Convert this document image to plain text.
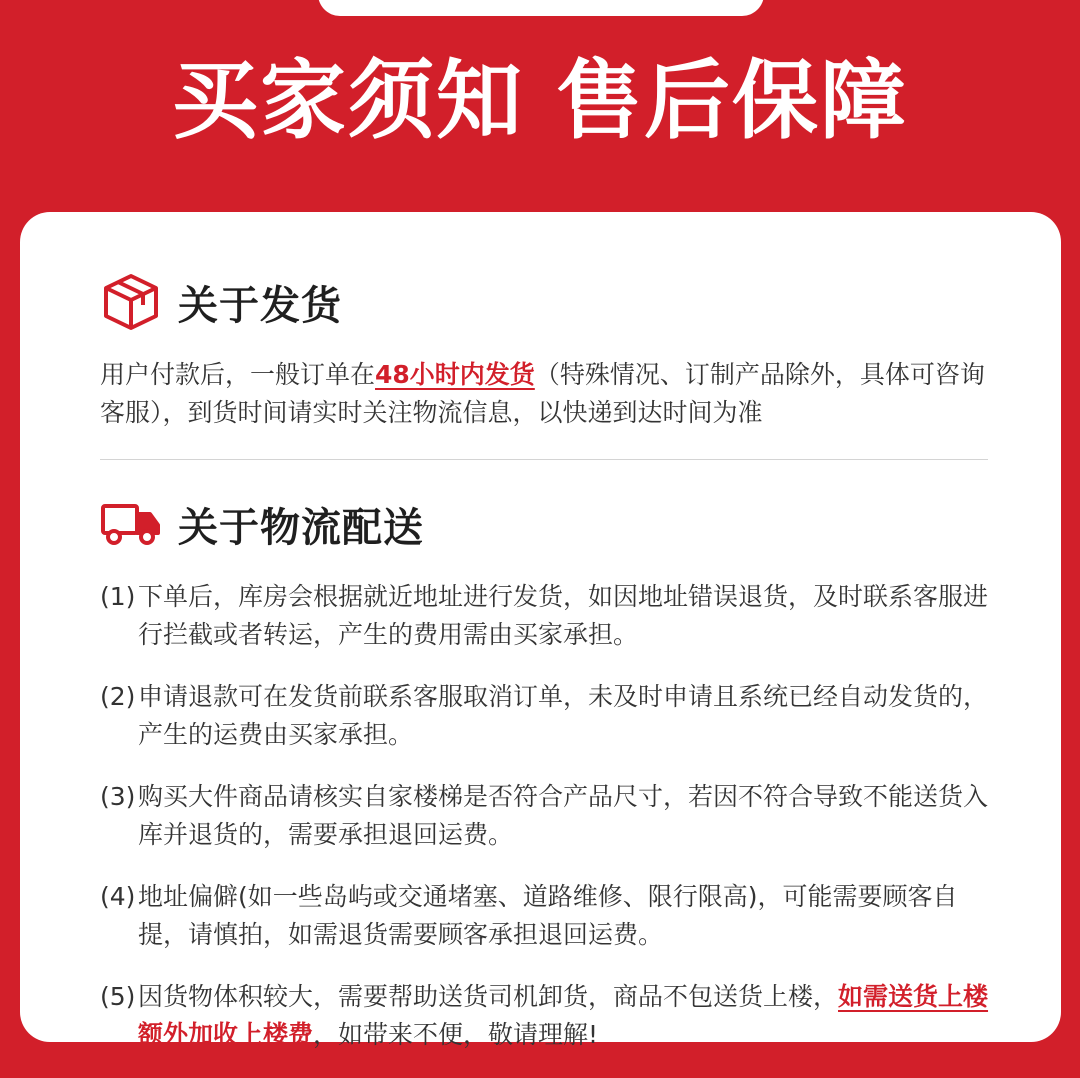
买家须知 售后保障
关于发货
用户付款后，一般订单在48小时内发货（特殊情况、订制产品除外，具体可咨询客服），到货时间请实时关注物流信息，以快递到达时间为准
关于物流配送
(1) 下单后，库房会根据就近地址进行发货，如因地址错误退货，及时联系客服进行拦截或者转运，产生的费用需由买家承担。
(2) 申请退款可在发货前联系客服取消订单，未及时申请且系统已经自动发货的，产生的运费由买家承担。
(3) 购买大件商品请核实自家楼梯是否符合产品尺寸，若因不符合导致不能送货入库并退货的，需要承担退回运费。
(4) 地址偏僻(如一些岛屿或交通堵塞、道路维修、限行限高)，可能需要顾客自提，请慎拍，如需退货需要顾客承担退回运费。
(5) 因货物体积较大，需要帮助送货司机卸货，商品不包送货上楼，如需送货上楼额外加收上楼费，如带来不便，敬请理解!
